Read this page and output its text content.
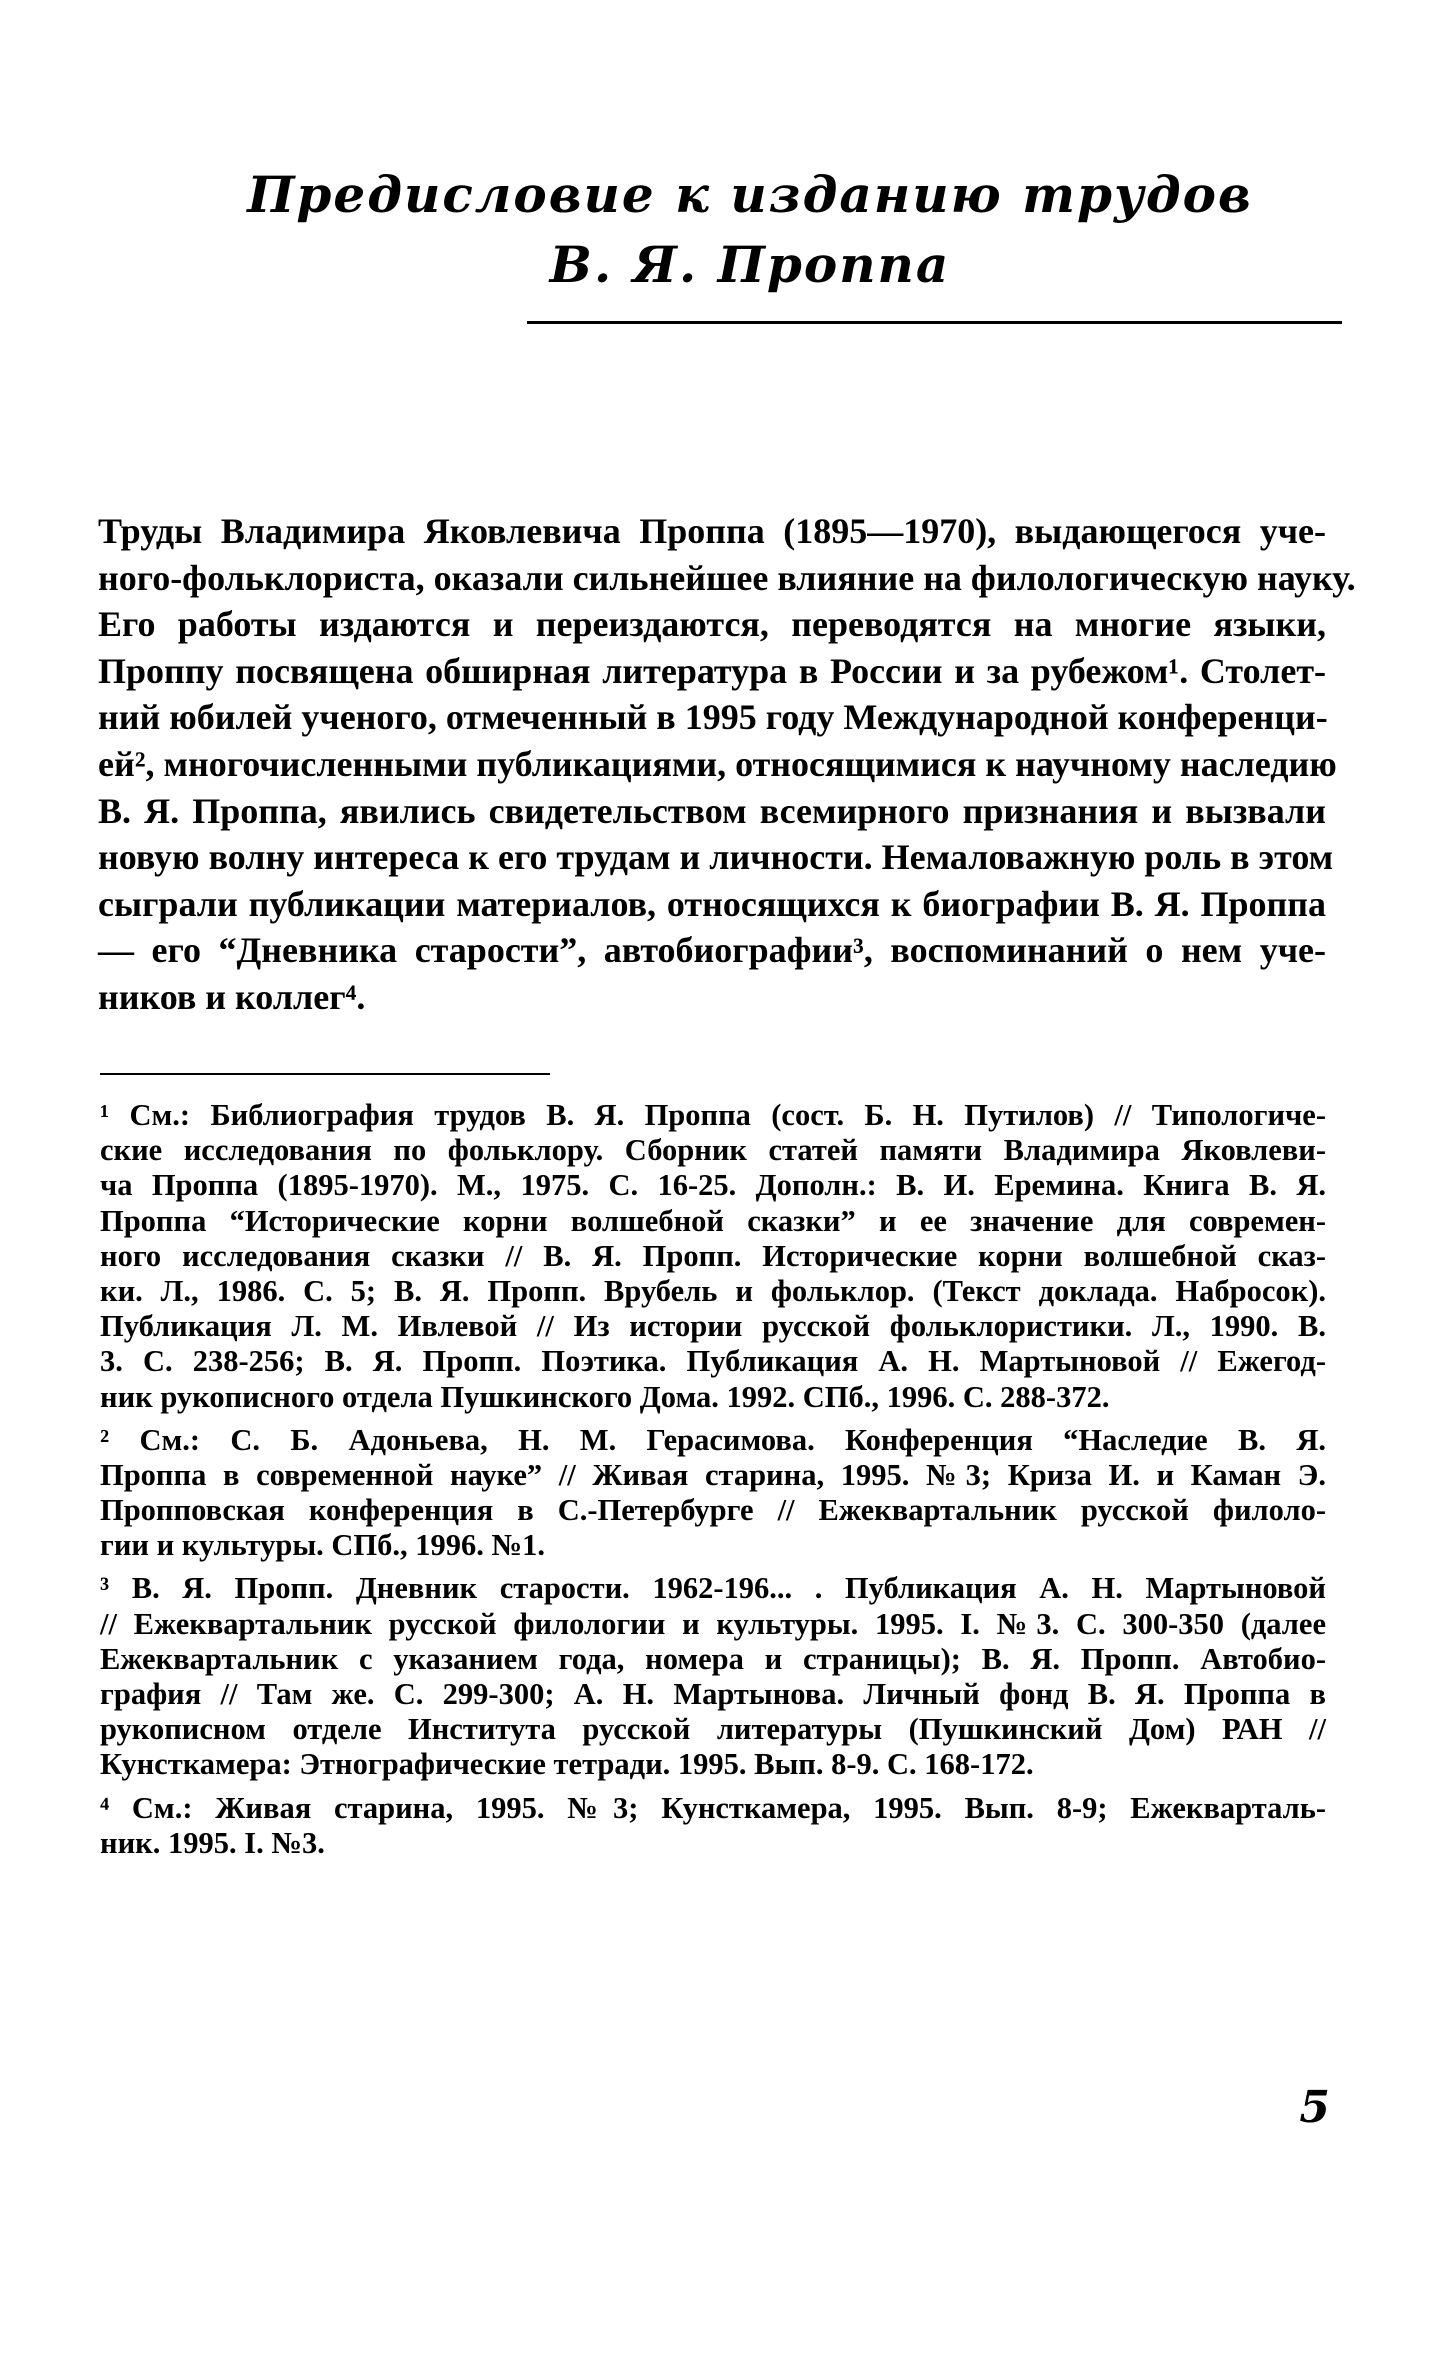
Предисловие к изданию трудов
В. Я. Проппа
Труды Владимира Яковлевича Проппа (1895—1970), выдающегося уче-
ного-фольклориста, оказали сильнейшее влияние на филологическую науку.
Его работы издаются и переиздаются, переводятся на многие языки,
Проппу посвящена обширная литература в России и за рубежом¹. Столет-
ний юбилей ученого, отмеченный в 1995 году Международной конференци-
ей², многочисленными публикациями, относящимися к научному наследию
В. Я. Проппа, явились свидетельством всемирного признания и вызвали
новую волну интереса к его трудам и личности. Немаловажную роль в этом
сыграли публикации материалов, относящихся к биографии В. Я. Проппа
— его “Дневника старости”, автобиографии³, воспоминаний о нем уче-
ников и коллег⁴.
¹ См.: Библиография трудов В. Я. Проппа (сост. Б. Н. Путилов) // Типологиче-
ские исследования по фольклору. Сборник статей памяти Владимира Яковлеви-
ча Проппа (1895-1970). М., 1975. С. 16-25. Дополн.: В. И. Еремина. Книга В. Я.
Проппа “Исторические корни волшебной сказки” и ее значение для современ-
ного исследования сказки // В. Я. Пропп. Исторические корни волшебной сказ-
ки. Л., 1986. С. 5; В. Я. Пропп. Врубель и фольклор. (Текст доклада. Набросок).
Публикация Л. М. Ивлевой // Из истории русской фольклористики. Л., 1990. В.
3. С. 238-256; В. Я. Пропп. Поэтика. Публикация А. Н. Мартыновой // Ежегод-
ник рукописного отдела Пушкинского Дома. 1992. СПб., 1996. С. 288-372.
² См.: С. Б. Адоньева, Н. М. Герасимова. Конференция “Наследие В. Я.
Проппа в современной науке” // Живая старина, 1995. №3; Криза И. и Каман Э.
Пропповская конференция в С.-Петербурге // Ежеквартальник русской филоло-
гии и культуры. СПб., 1996. №1.
³ В. Я. Пропп. Дневник старости. 1962-196... . Публикация А. Н. Мартыновой
// Ежеквартальник русской филологии и культуры. 1995. I. №3. С. 300-350 (далее
Ежеквартальник с указанием года, номера и страницы); В. Я. Пропп. Автобио-
графия // Там же. С. 299-300; А. Н. Мартынова. Личный фонд В. Я. Проппа в
рукописном отделе Института русской литературы (Пушкинский Дом) РАН //
Кунсткамера: Этнографические тетради. 1995. Вып. 8-9. С. 168-172.
⁴ См.: Живая старина, 1995. №3; Кунсткамера, 1995. Вып. 8-9; Ежекварталь-
ник. 1995. I. №3.
5
